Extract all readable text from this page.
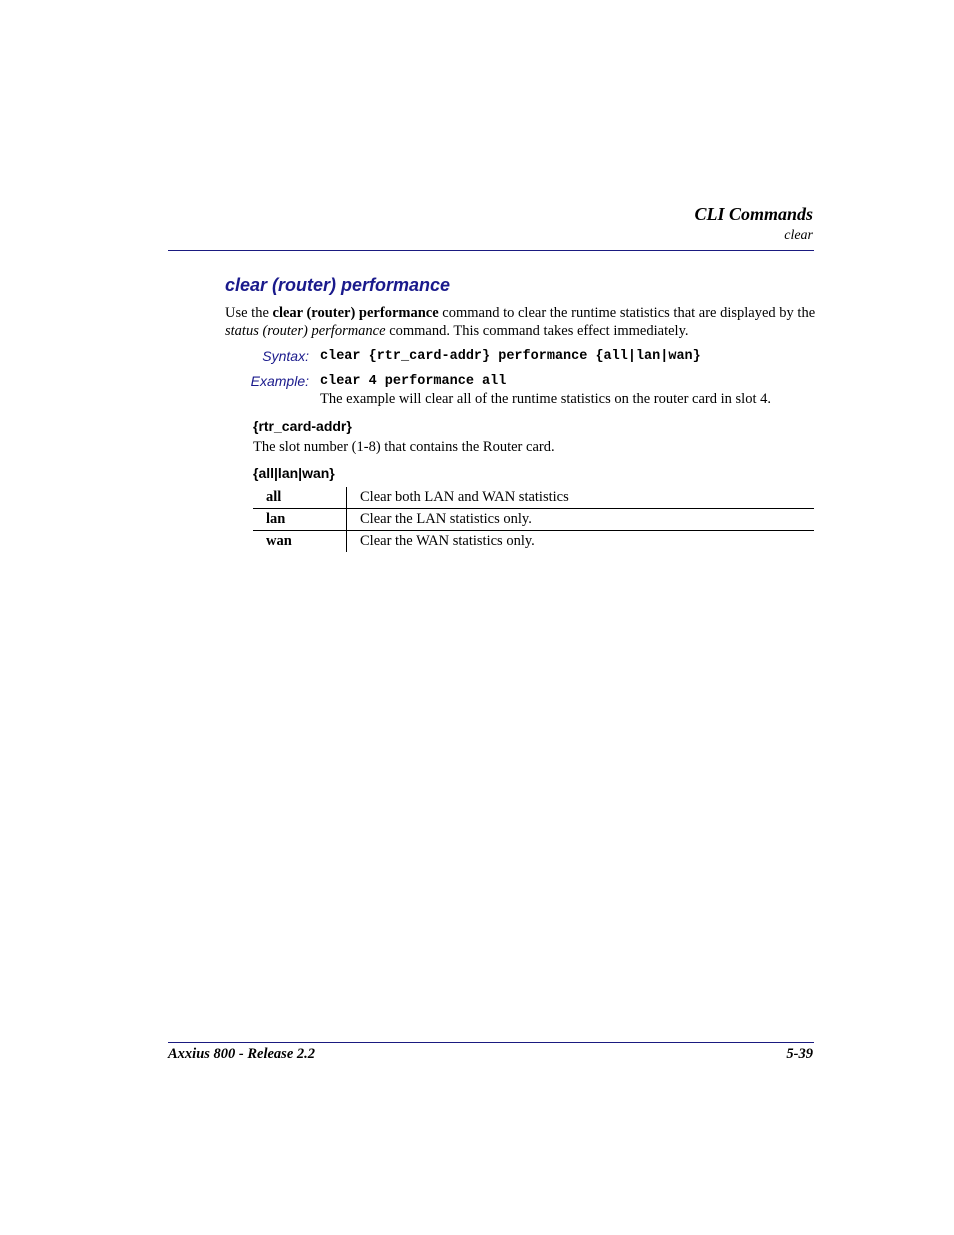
CLI Commands
clear
clear (router) performance
Use the clear (router) performance command to clear the runtime statistics that are displayed by the status (router) performance command. This command takes effect immediately.
Syntax: clear {rtr_card-addr} performance {all|lan|wan}
Example: clear 4 performance all
The example will clear all of the runtime statistics on the router card in slot 4.
{rtr_card-addr}
The slot number (1-8) that contains the Router card.
{all|lan|wan}
all	Clear both LAN and WAN statistics
lan	Clear the LAN statistics only.
wan	Clear the WAN statistics only.
Axxius 800 - Release 2.2	5-39
